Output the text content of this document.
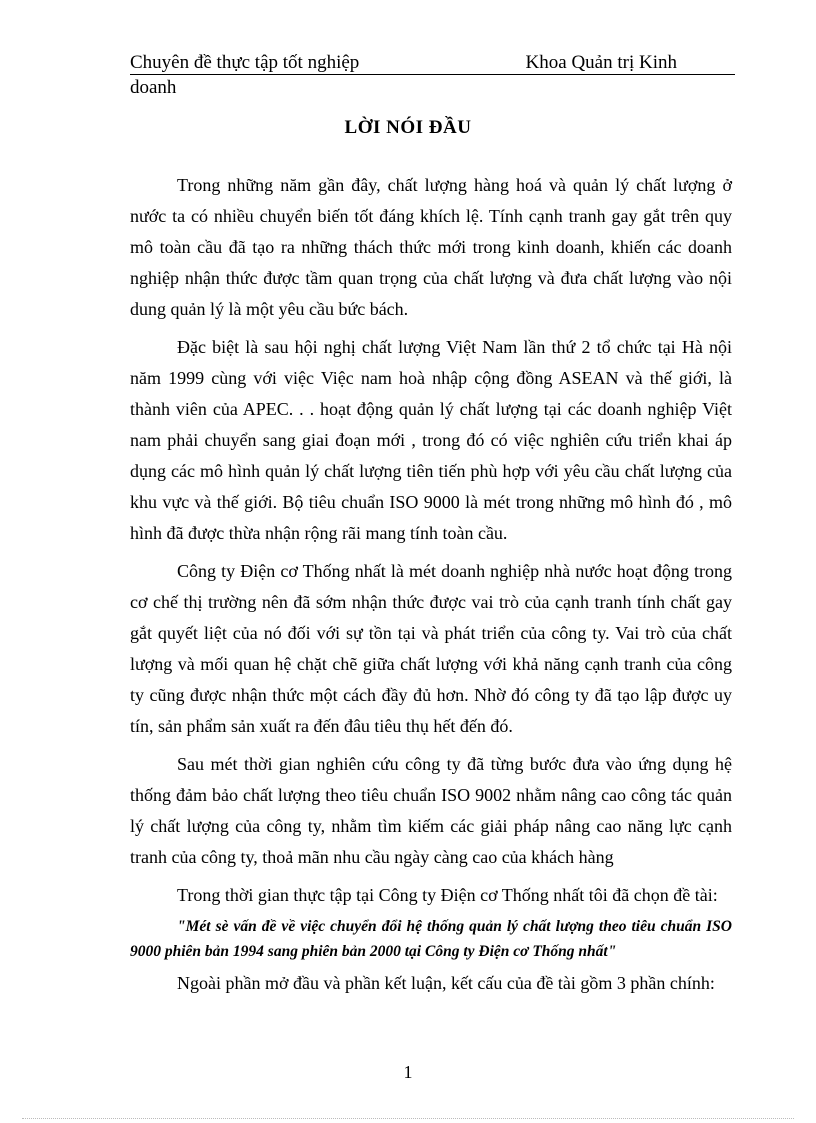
Chuyên đề thực tập tốt nghiệp	Khoa Quản trị Kinh
doanh
LỜI NÓI ĐẦU

Trong những năm gần đây, chất lượng hàng hoá và quản lý chất lượng ở nước ta có nhiều chuyển biến tốt đáng khích lệ. Tính cạnh tranh gay gắt trên quy mô toàn cầu đã tạo ra những thách thức mới trong kinh doanh, khiến các doanh nghiệp nhận thức được tầm quan trọng của chất lượng và đưa chất lượng vào nội dung quản lý là một yêu cầu bức bách.

Đặc biệt là sau hội nghị chất lượng Việt Nam lần thứ 2 tổ chức tại Hà nội năm 1999 cùng với việc Việc nam hoà nhập cộng đồng ASEAN và thế giới, là thành viên của APEC. . . hoạt động quản lý chất lượng tại các doanh nghiệp Việt nam phải chuyển sang giai đoạn mới , trong đó có việc nghiên cứu triển khai áp dụng các mô hình quản lý chất lượng tiên tiến phù hợp với yêu cầu chất lượng của khu vực và thế giới. Bộ tiêu chuẩn ISO 9000 là mét trong những mô hình đó , mô hình đã được thừa nhận rộng rãi mang tính toàn cầu.

Công ty Điện cơ Thống nhất là mét doanh nghiệp nhà nước hoạt động trong cơ chế thị trường nên đã sớm nhận thức được vai trò của cạnh tranh tính chất gay gắt quyết liệt của nó đối với sự tồn tại và phát triển của công ty. Vai trò của chất lượng và mối quan hệ chặt chẽ giữa chất lượng với khả năng cạnh tranh của công ty cũng được nhận thức một cách đầy đủ hơn. Nhờ đó công ty đã tạo lập được uy tín, sản phẩm sản xuất ra đến đâu tiêu thụ hết đến đó.

Sau mét thời gian nghiên cứu công ty đã từng bước đưa vào ứng dụng hệ thống đảm bảo chất lượng theo tiêu chuẩn ISO 9002 nhằm nâng cao công tác quản lý chất lượng của công ty, nhằm tìm kiếm các giải pháp nâng cao năng lực cạnh tranh của công ty, thoả mãn nhu cầu ngày càng cao của khách hàng

Trong thời gian thực tập tại Công ty Điện cơ Thống nhất tôi đã chọn đề tài:

"Mét sè vấn đề về việc chuyển đổi hệ thống quản lý chất lượng theo tiêu chuẩn ISO 9000 phiên bản 1994 sang phiên bản 2000 tại Công ty Điện cơ Thống nhất"

Ngoài phần mở đầu và phần kết luận, kết cấu của đề tài gồm 3 phần chính:

1
